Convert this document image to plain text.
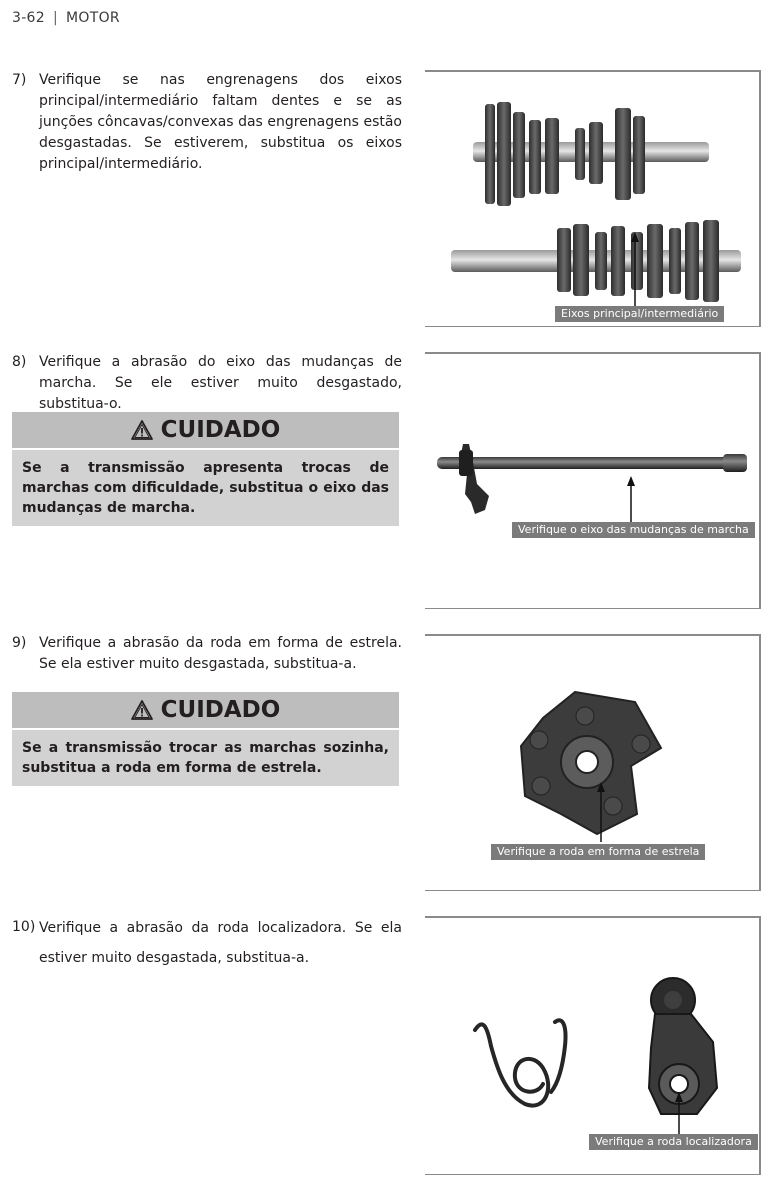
3-62 | MOTOR
7) Verifique se nas engrenagens dos eixos principal/intermediário faltam dentes e se as junções côncavas/convexas das engrenagens estão desgastadas. Se estiverem, substitua os eixos principal/intermediário.
8) Verifique a abrasão do eixo das mudanças de marcha. Se ele estiver muito desgastado, substitua-o.
CUIDADO
Se a transmissão apresenta trocas de marchas com dificuldade, substitua o eixo das mudanças de marcha.
9) Verifique a abrasão da roda em forma de estrela. Se ela estiver muito desgastada, substitua-a.
CUIDADO
Se a transmissão trocar as marchas sozinha, substitua a roda em forma de estrela.
10) Verifique a abrasão da roda localizadora. Se ela estiver muito desgastada, substitua-a.
Eixos principal/intermediário
Verifique o eixo das mudanças de marcha
Verifique a roda em forma de estrela
Verifique a roda localizadora
